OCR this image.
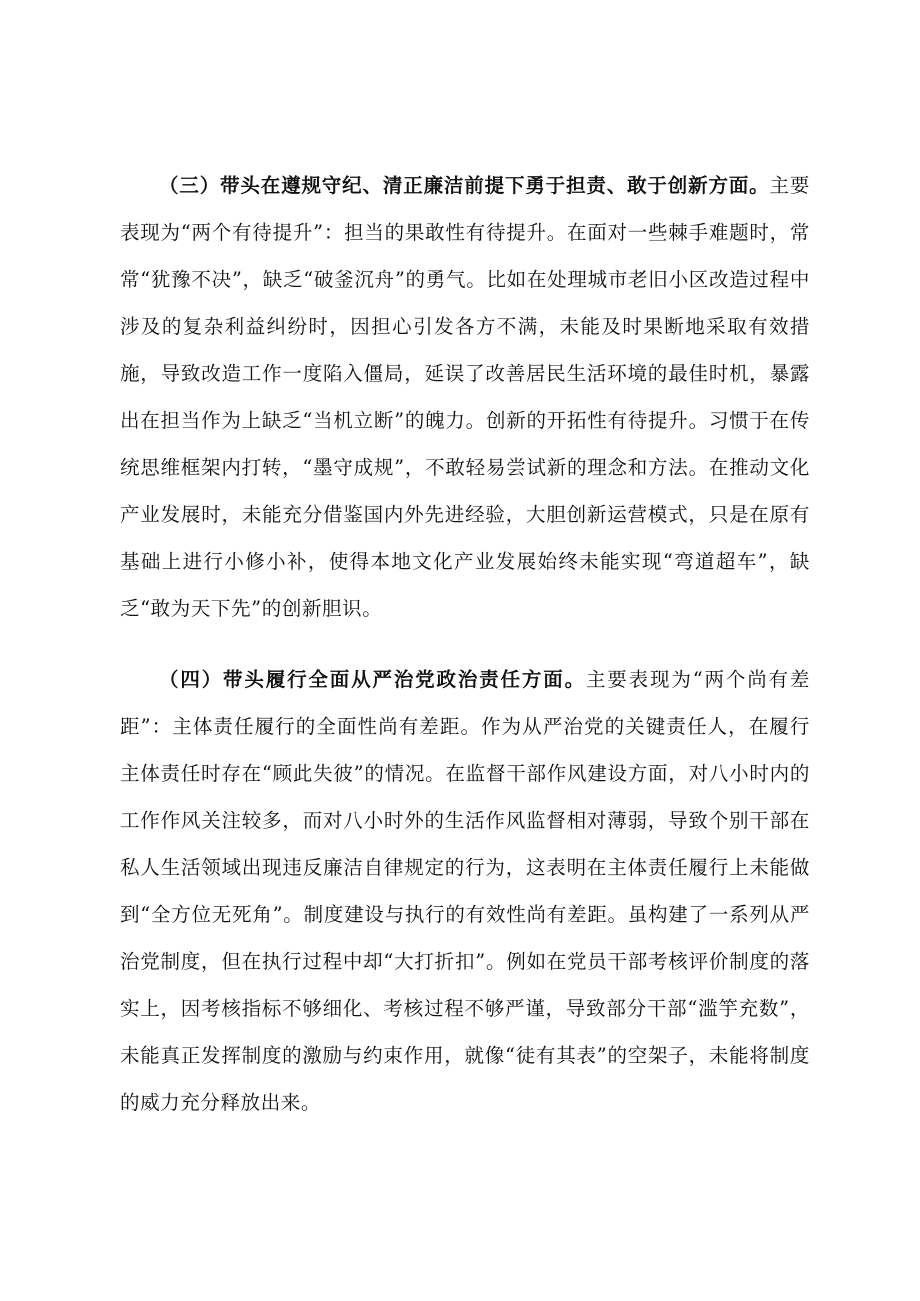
（三）带头在遵规守纪、清正廉洁前提下勇于担责、敢于创新方面。主要表现为“两个有待提升”：担当的果敢性有待提升。在面对一些棘手难题时，常常“犹豫不决”，缺乏“破釜沉舟”的勇气。比如在处理城市老旧小区改造过程中涉及的复杂利益纠纷时，因担心引发各方不满，未能及时果断地采取有效措施，导致改造工作一度陷入僵局，延误了改善居民生活环境的最佳时机，暴露出在担当作为上缺乏“当机立断”的魄力。创新的开拓性有待提升。习惯于在传统思维框架内打转，“墨守成规”，不敢轻易尝试新的理念和方法。在推动文化产业发展时，未能充分借鉴国内外先进经验，大胆创新运营模式，只是在原有基础上进行小修小补，使得本地文化产业发展始终未能实现“弯道超车”，缺乏“敢为天下先”的创新胆识。

（四）带头履行全面从严治党政治责任方面。主要表现为“两个尚有差距”：主体责任履行的全面性尚有差距。作为从严治党的关键责任人，在履行主体责任时存在“顾此失彼”的情况。在监督干部作风建设方面，对八小时内的工作作风关注较多，而对八小时外的生活作风监督相对薄弱，导致个别干部在私人生活领域出现违反廉洁自律规定的行为，这表明在主体责任履行上未能做到“全方位无死角”。制度建设与执行的有效性尚有差距。虽构建了一系列从严治党制度，但在执行过程中却“大打折扣”。例如在党员干部考核评价制度的落实上，因考核指标不够细化、考核过程不够严谨，导致部分干部“滥竽充数”，未能真正发挥制度的激励与约束作用，就像“徒有其表”的空架子，未能将制度的威力充分释放出来。
